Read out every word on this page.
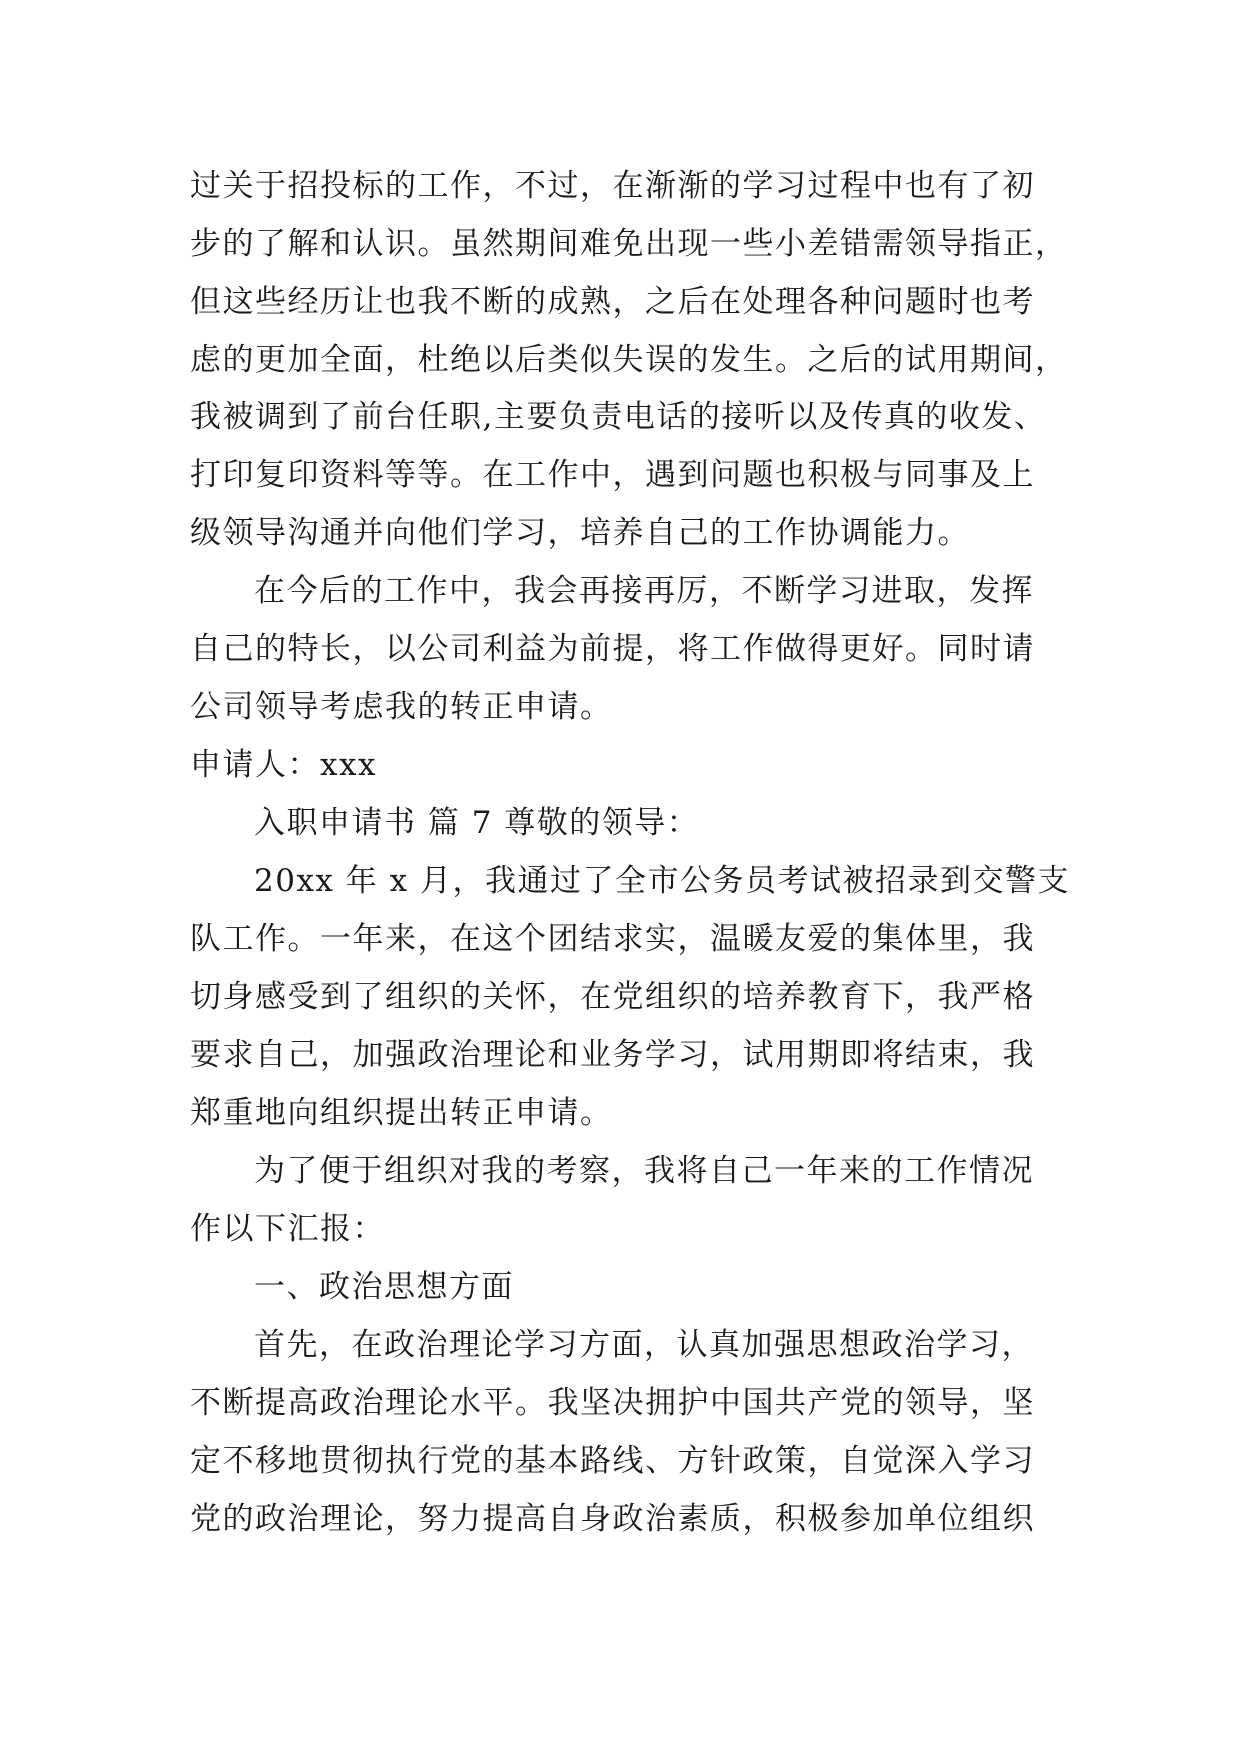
过关于招投标的工作，不过，在渐渐的学习过程中也有了初
步的了解和认识。虽然期间难免出现一些小差错需领导指正，
但这些经历让也我不断的成熟，之后在处理各种问题时也考
虑的更加全面，杜绝以后类似失误的发生。之后的试用期间，
我被调到了前台任职,主要负责电话的接听以及传真的收发、
打印复印资料等等。在工作中，遇到问题也积极与同事及上
级领导沟通并向他们学习，培养自己的工作协调能力。
在今后的工作中，我会再接再厉，不断学习进取，发挥
自己的特长，以公司利益为前提，将工作做得更好。同时请
公司领导考虑我的转正申请。
申请人：xxx
入职申请书 篇 7 尊敬的领导：
20xx 年 x 月，我通过了全市公务员考试被招录到交警支
队工作。一年来，在这个团结求实，温暖友爱的集体里，我
切身感受到了组织的关怀，在党组织的培养教育下，我严格
要求自己，加强政治理论和业务学习，试用期即将结束，我
郑重地向组织提出转正申请。
为了便于组织对我的考察，我将自己一年来的工作情况
作以下汇报：
一、政治思想方面
首先，在政治理论学习方面，认真加强思想政治学习，
不断提高政治理论水平。我坚决拥护中国共产党的领导，坚
定不移地贯彻执行党的基本路线、方针政策，自觉深入学习
党的政治理论，努力提高自身政治素质，积极参加单位组织
